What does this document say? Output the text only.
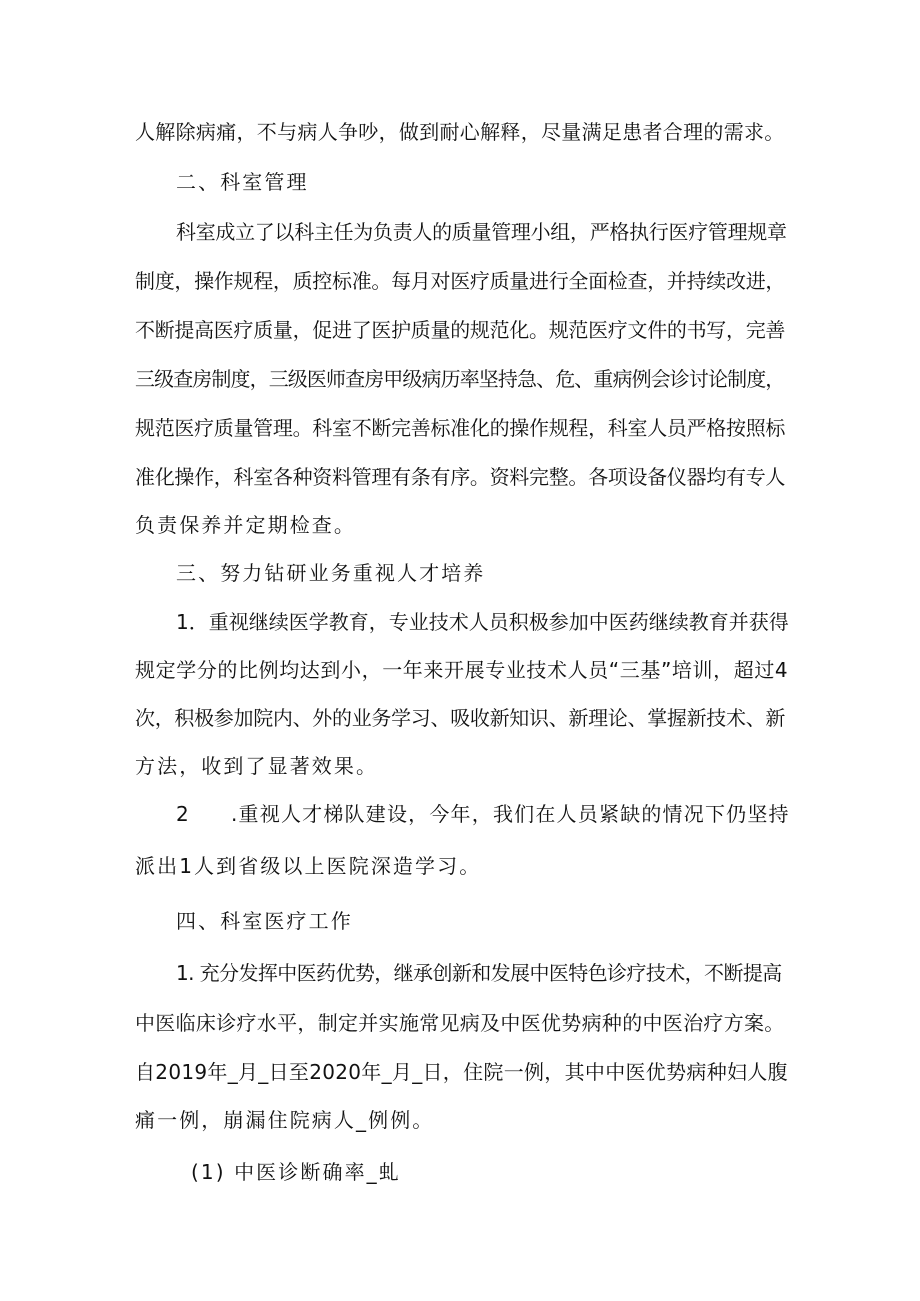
人解除病痛，不与病人争吵，做到耐心解释，尽量满足患者合理的需求。
二、科室管理
科室成立了以科主任为负责人的质量管理小组，严格执行医疗管理规章
制度，操作规程，质控标准。每月对医疗质量进行全面检查，并持续改进，
不断提高医疗质量，促进了医护质量的规范化。规范医疗文件的书写，完善
三级查房制度，三级医师查房甲级病历率坚持急、危、重病例会诊讨论制度，
规范医疗质量管理。科室不断完善标准化的操作规程，科室人员严格按照标
准化操作，科室各种资料管理有条有序。资料完整。各项设备仪器均有专人
负责保养并定期检查。
三、努力钻研业务重视人才培养
1．重视继续医学教育，专业技术人员积极参加中医药继续教育并获得
规定学分的比例均达到小，一年来开展专业技术人员“三基”培训，超过4
次，积极参加院内、外的业务学习、吸收新知识、新理论、掌握新技术、新
方法，收到了显著效果。
2 .重视人才梯队建设，今年，我们在人员紧缺的情况下仍坚持
派出1人到省级以上医院深造学习。
四、科室医疗工作
1. 充分发挥中医药优势，继承创新和发展中医特色诊疗技术，不断提高
中医临床诊疗水平，制定并实施常见病及中医优势病种的中医治疗方案。
自2019年_月_日至2020年_月_日，住院一例，其中中医优势病种妇人腹
痛一例，崩漏住院病人_例例。
(1) 中医诊断确率_虬
